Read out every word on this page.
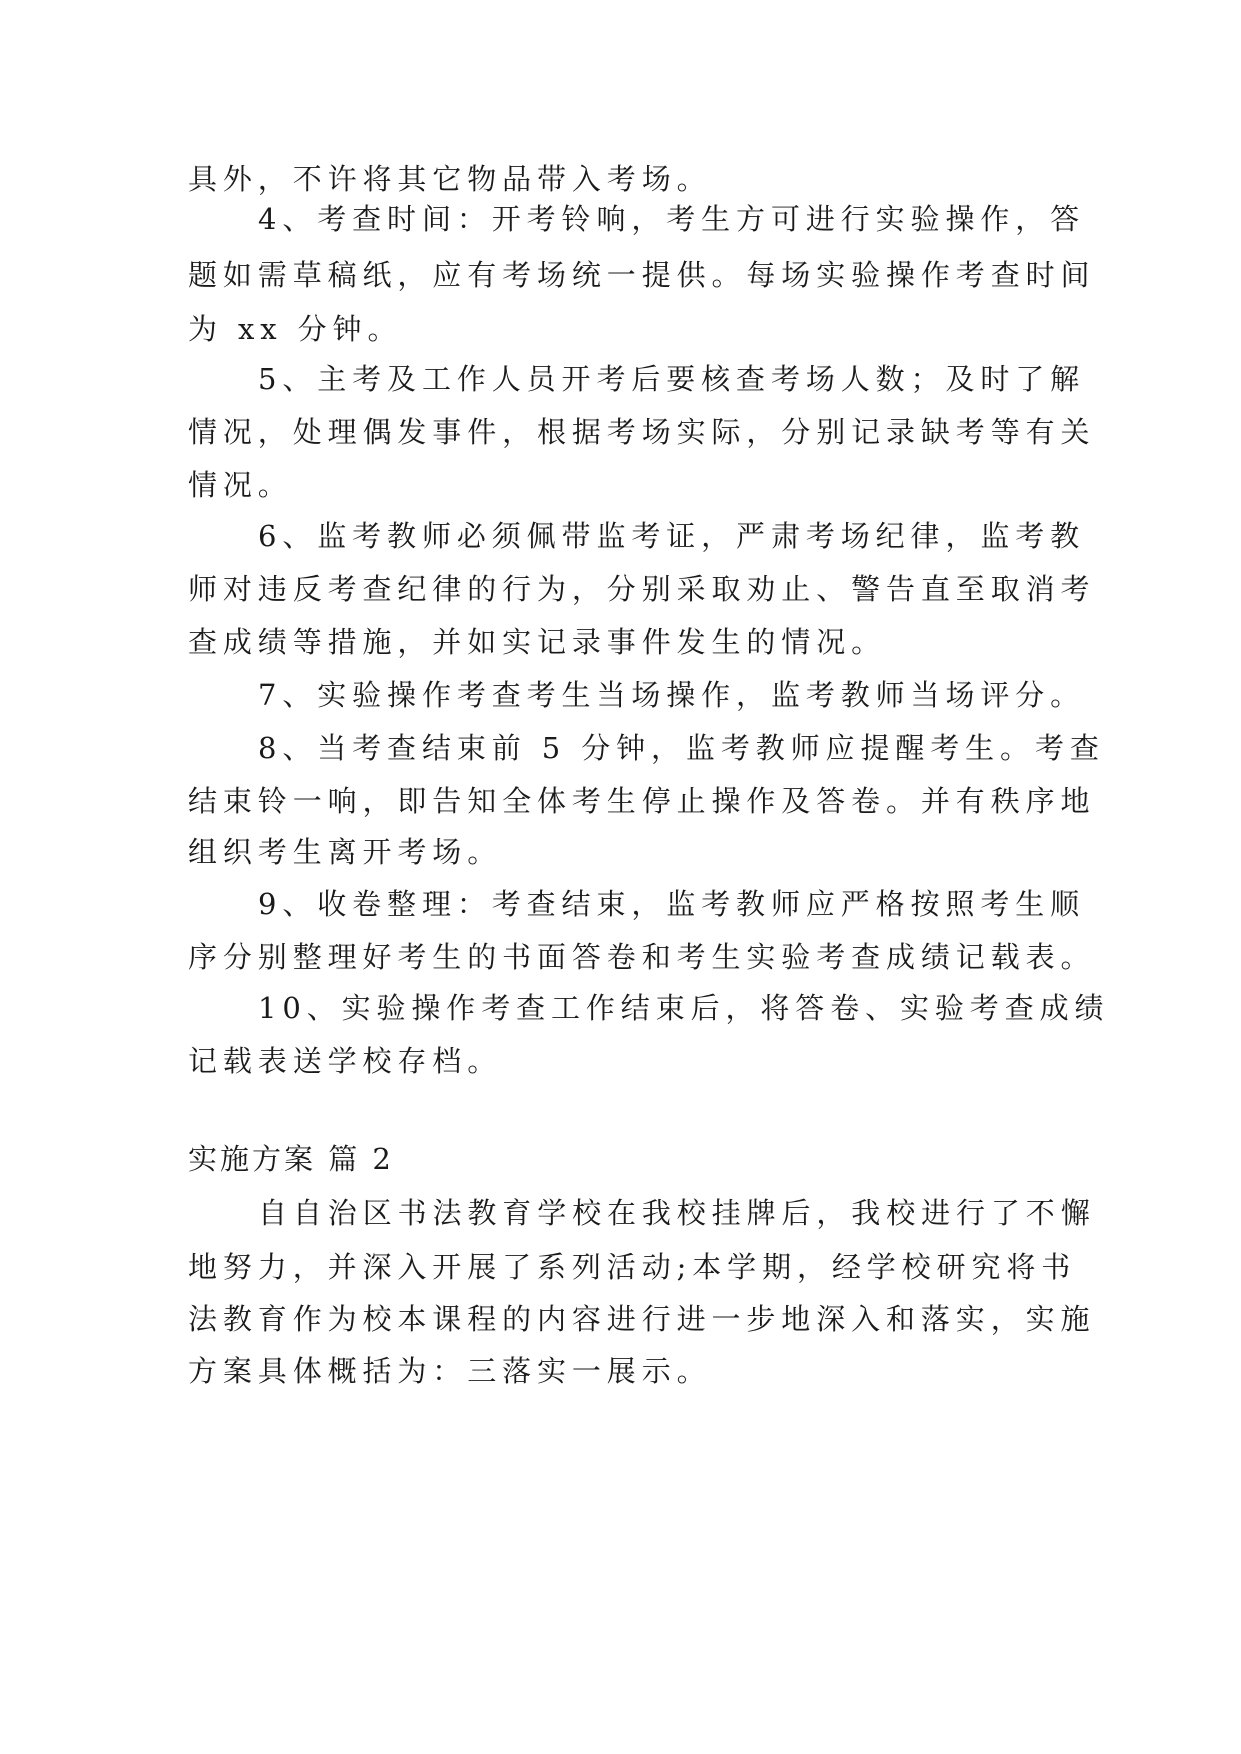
具外，不许将其它物品带入考场。
4、考查时间：开考铃响，考生方可进行实验操作，答
题如需草稿纸，应有考场统一提供。每场实验操作考查时间
为 xx 分钟。
5、主考及工作人员开考后要核查考场人数；及时了解
情况，处理偶发事件，根据考场实际，分别记录缺考等有关
情况。
6、监考教师必须佩带监考证，严肃考场纪律，监考教
师对违反考查纪律的行为，分别采取劝止、警告直至取消考
查成绩等措施，并如实记录事件发生的情况。
7、实验操作考查考生当场操作，监考教师当场评分。
8、当考查结束前 5 分钟，监考教师应提醒考生。考查
结束铃一响，即告知全体考生停止操作及答卷。并有秩序地
组织考生离开考场。
9、收卷整理：考查结束，监考教师应严格按照考生顺
序分别整理好考生的书面答卷和考生实验考查成绩记载表。
10、实验操作考查工作结束后，将答卷、实验考查成绩
记载表送学校存档。
实施方案 篇 2
自自治区书法教育学校在我校挂牌后，我校进行了不懈
地努力，并深入开展了系列活动;本学期，经学校研究将书
法教育作为校本课程的内容进行进一步地深入和落实，实施
方案具体概括为：三落实一展示。
